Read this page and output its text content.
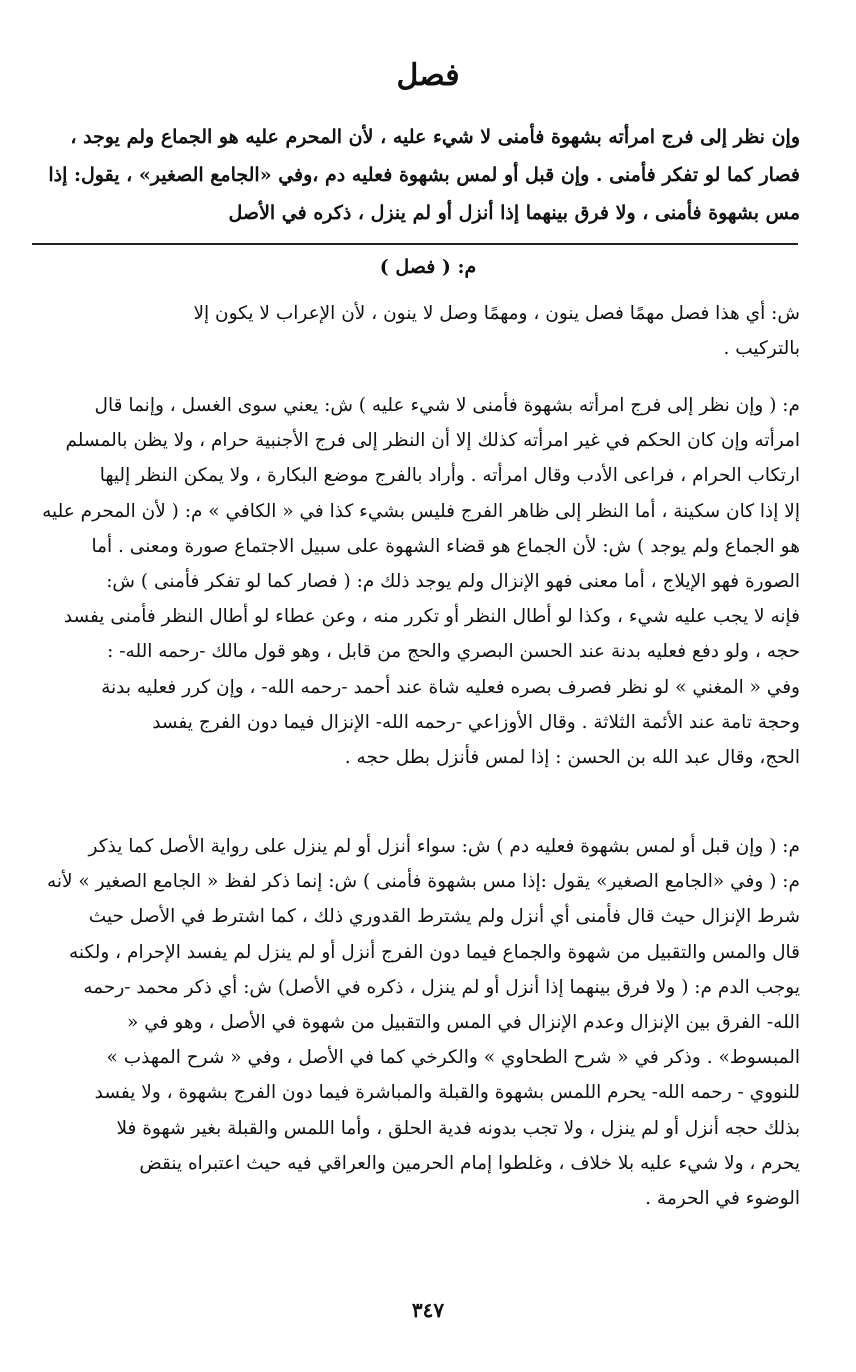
فصل
وإن نظر إلى فرج امرأته بشهوة فأمنى لا شيء عليه ، لأن المحرم عليه هو الجماع ولم يوجد ،
فصار كما لو تفكر فأمنى . وإن قبل أو لمس بشهوة فعليه دم ،وفي «الجامع الصغير» ، يقول: إذا
مس بشهوة فأمنى ، ولا فرق بينهما إذا أنزل أو لم ينزل ، ذكره في الأصل
م: ( فصل )
ش: أي هذا فصل مهمًا فصل ينون ، ومهمًا وصل لا ينون ، لأن الإعراب لا يكون إلا
بالتركيب .
م: ( وإن نظر إلى فرج امرأته بشهوة فأمنى لا شيء عليه ) ش: يعني سوى الغسل ، وإنما قال
امرأته وإن كان الحكم في غير امرأته كذلك إلا أن النظر إلى فرج الأجنبية حرام ، ولا يظن بالمسلم
ارتكاب الحرام ، فراعى الأدب وقال امرأته . وأراد بالفرج موضع البكارة ، ولا يمكن النظر إليها
إلا إذا كان سكينة ، أما النظر إلى ظاهر الفرج فليس بشيء كذا في « الكافي » م: ( لأن المحرم عليه
هو الجماع ولم يوجد ) ش: لأن الجماع هو قضاء الشهوة على سبيل الاجتماع صورة ومعنى . أما
الصورة فهو الإيلاج ، أما معنى فهو الإنزال ولم يوجد ذلك م: ( فصار كما لو تفكر فأمنى ) ش:
فإنه لا يجب عليه شيء ، وكذا لو أطال النظر أو تكرر منه ، وعن عطاء لو أطال النظر فأمنى يفسد
حجه ، ولو دفع فعليه بدنة عند الحسن البصري والحج من قابل ، وهو قول مالك -رحمه الله- :
وفي « المغني » لو نظر فصرف بصره فعليه شاة عند أحمد -رحمه الله- ، وإن كرر فعليه بدنة
وحجة تامة عند الأئمة الثلاثة . وقال الأوزاعي -رحمه الله- الإنزال فيما دون الفرج يفسد
الحج، وقال عبد الله بن الحسن : إذا لمس فأنزل بطل حجه .
م: ( وإن قبل أو لمس بشهوة فعليه دم ) ش: سواء أنزل أو لم ينزل على رواية الأصل كما يذكر
م: ( وفي «الجامع الصغير» يقول :إذا مس بشهوة فأمنى ) ش: إنما ذكر لفظ « الجامع الصغير » لأنه
شرط الإنزال حيث قال فأمنى أي أنزل ولم يشترط القدوري ذلك ، كما اشترط في الأصل حيث
قال والمس والتقبيل من شهوة والجماع فيما دون الفرج أنزل أو لم ينزل لم يفسد الإحرام ، ولكنه
يوجب الدم م: ( ولا فرق بينهما إذا أنزل أو لم ينزل ، ذكره في الأصل) ش: أي ذكر محمد -رحمه
الله- الفرق بين الإنزال وعدم الإنزال في المس والتقبيل من شهوة في الأصل ، وهو في «
المبسوط» . وذكر في « شرح الطحاوي » والكرخي كما في الأصل ، وفي « شرح المهذب »
للنووي - رحمه الله- يحرم اللمس بشهوة والقبلة والمباشرة فيما دون الفرج بشهوة ، ولا يفسد
بذلك حجه أنزل أو لم ينزل ، ولا تجب بدونه فدية الحلق ، وأما اللمس والقبلة بغير شهوة فلا
يحرم ، ولا شيء عليه بلا خلاف ، وغلطوا إمام الحرمين والعراقي فيه حيث اعتبراه ينقض
الوضوء في الحرمة .
٣٤٧
